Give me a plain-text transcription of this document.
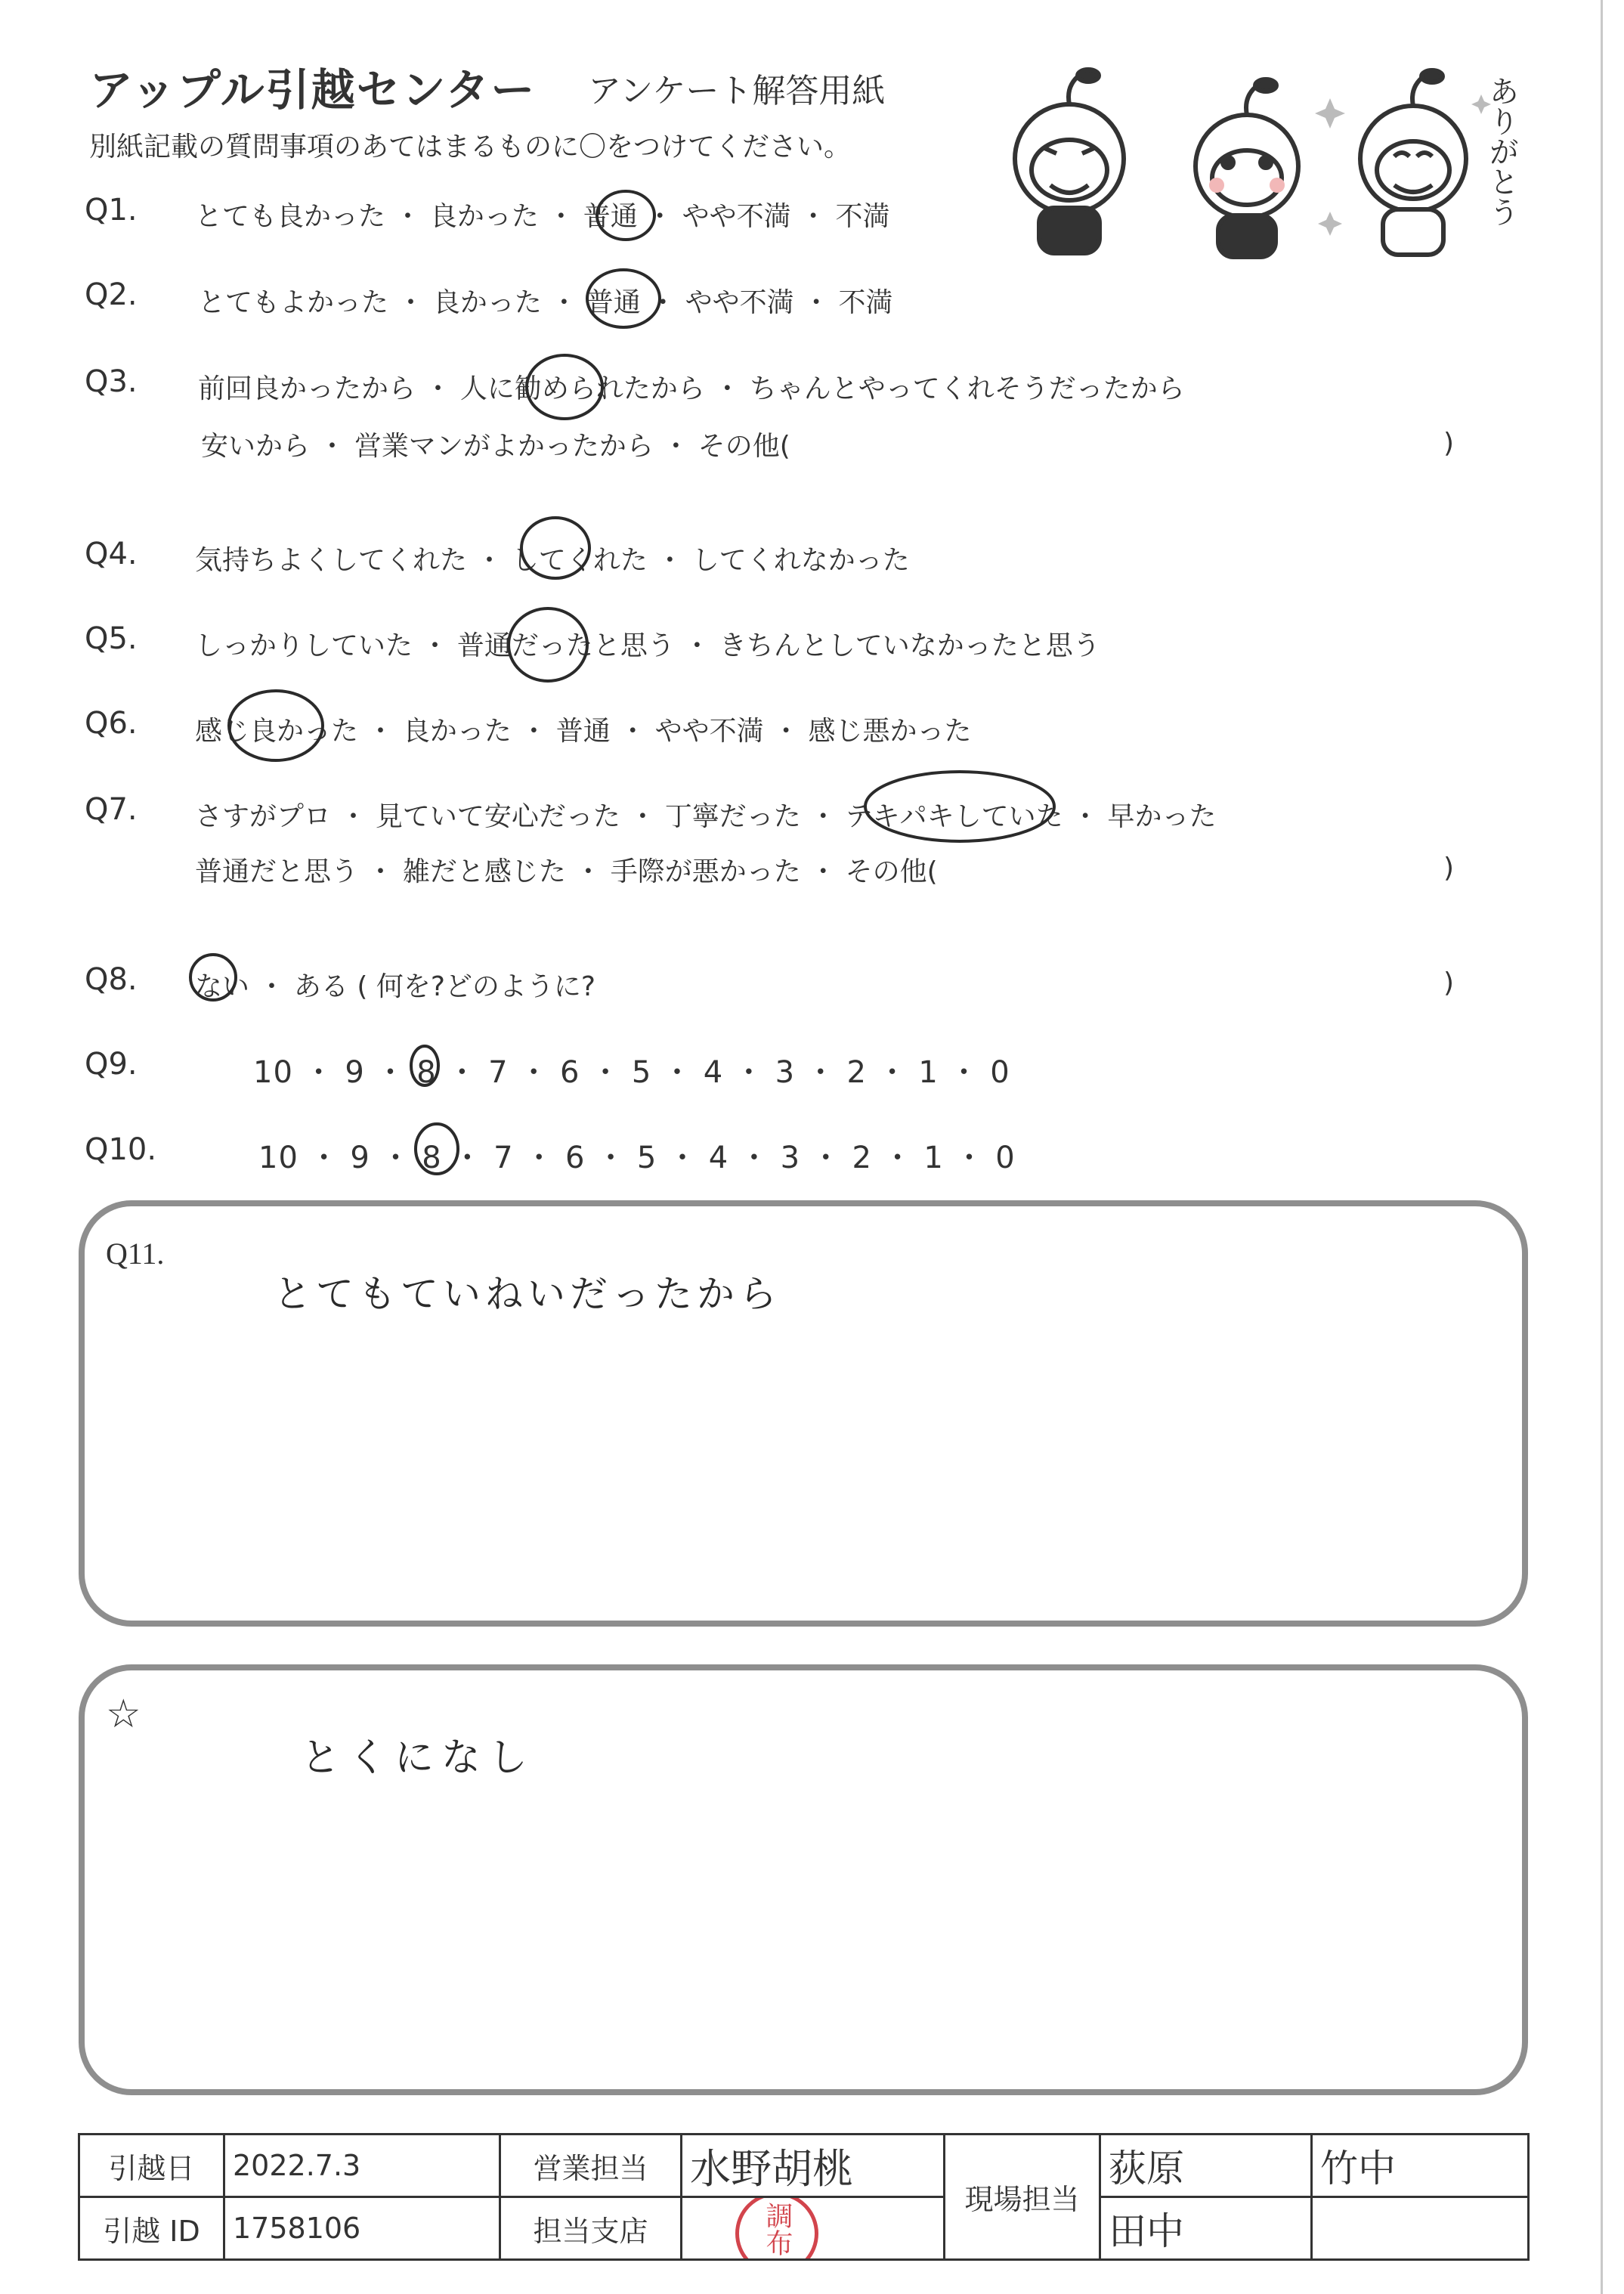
アップル引越センター アンケート解答用紙
別紙記載の質問事項のあてはまるものに〇をつけてください。	ありがとう
Q1. とても良かった ・ 良かった ・ 普通 ・ やや不満 ・ 不満
Q2. とてもよかった ・ 良かった ・ 普通 ・ やや不満 ・ 不満
Q3. 前回良かったから ・ 人に勧められたから ・ ちゃんとやってくれそうだったから
安いから ・ 営業マンがよかったから ・ その他(	)
Q4. 気持ちよくしてくれた ・ してくれた ・ してくれなかった
Q5. しっかりしていた ・ 普通だったと思う ・ きちんとしていなかったと思う
Q6. 感じ良かった ・ 良かった ・ 普通 ・ やや不満 ・ 感じ悪かった
Q7. さすがプロ ・ 見ていて安心だった ・ 丁寧だった ・ テキパキしていた ・ 早かった
普通だと思う ・ 雑だと感じた ・ 手際が悪かった ・ その他(	)
Q8. ない ・ ある ( 何を?どのように?	)
Q9.	10 ・ 9 ・ 8 ・ 7 ・ 6 ・ 5 ・ 4 ・ 3 ・ 2 ・ 1 ・ 0
Q10.	10 ・ 9 ・ 8 ・ 7 ・ 6 ・ 5 ・ 4 ・ 3 ・ 2 ・ 1 ・ 0
Q11.
とてもていねいだったから
☆
とくになし
引越日	2022.7.3	営業担当	水野胡桃	現場担当	荻原	竹中
引越 ID	1758106	担当支店	調布		田中	
